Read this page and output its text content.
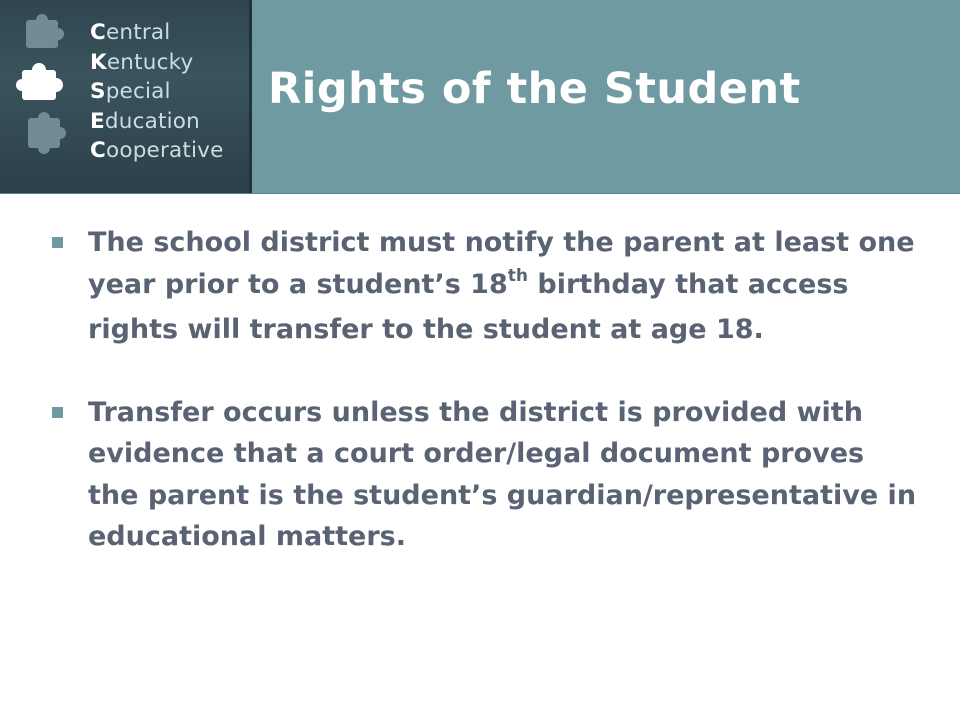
Central
Kentucky
Special
Education
Cooperative
Rights of the Student
The school district must notify the parent at least one year prior to a student’s 18th birthday that access rights will transfer to the student at age 18.
Transfer occurs unless the district is provided with evidence that a court order/legal document proves the parent is the student’s guardian/representative in educational matters.
